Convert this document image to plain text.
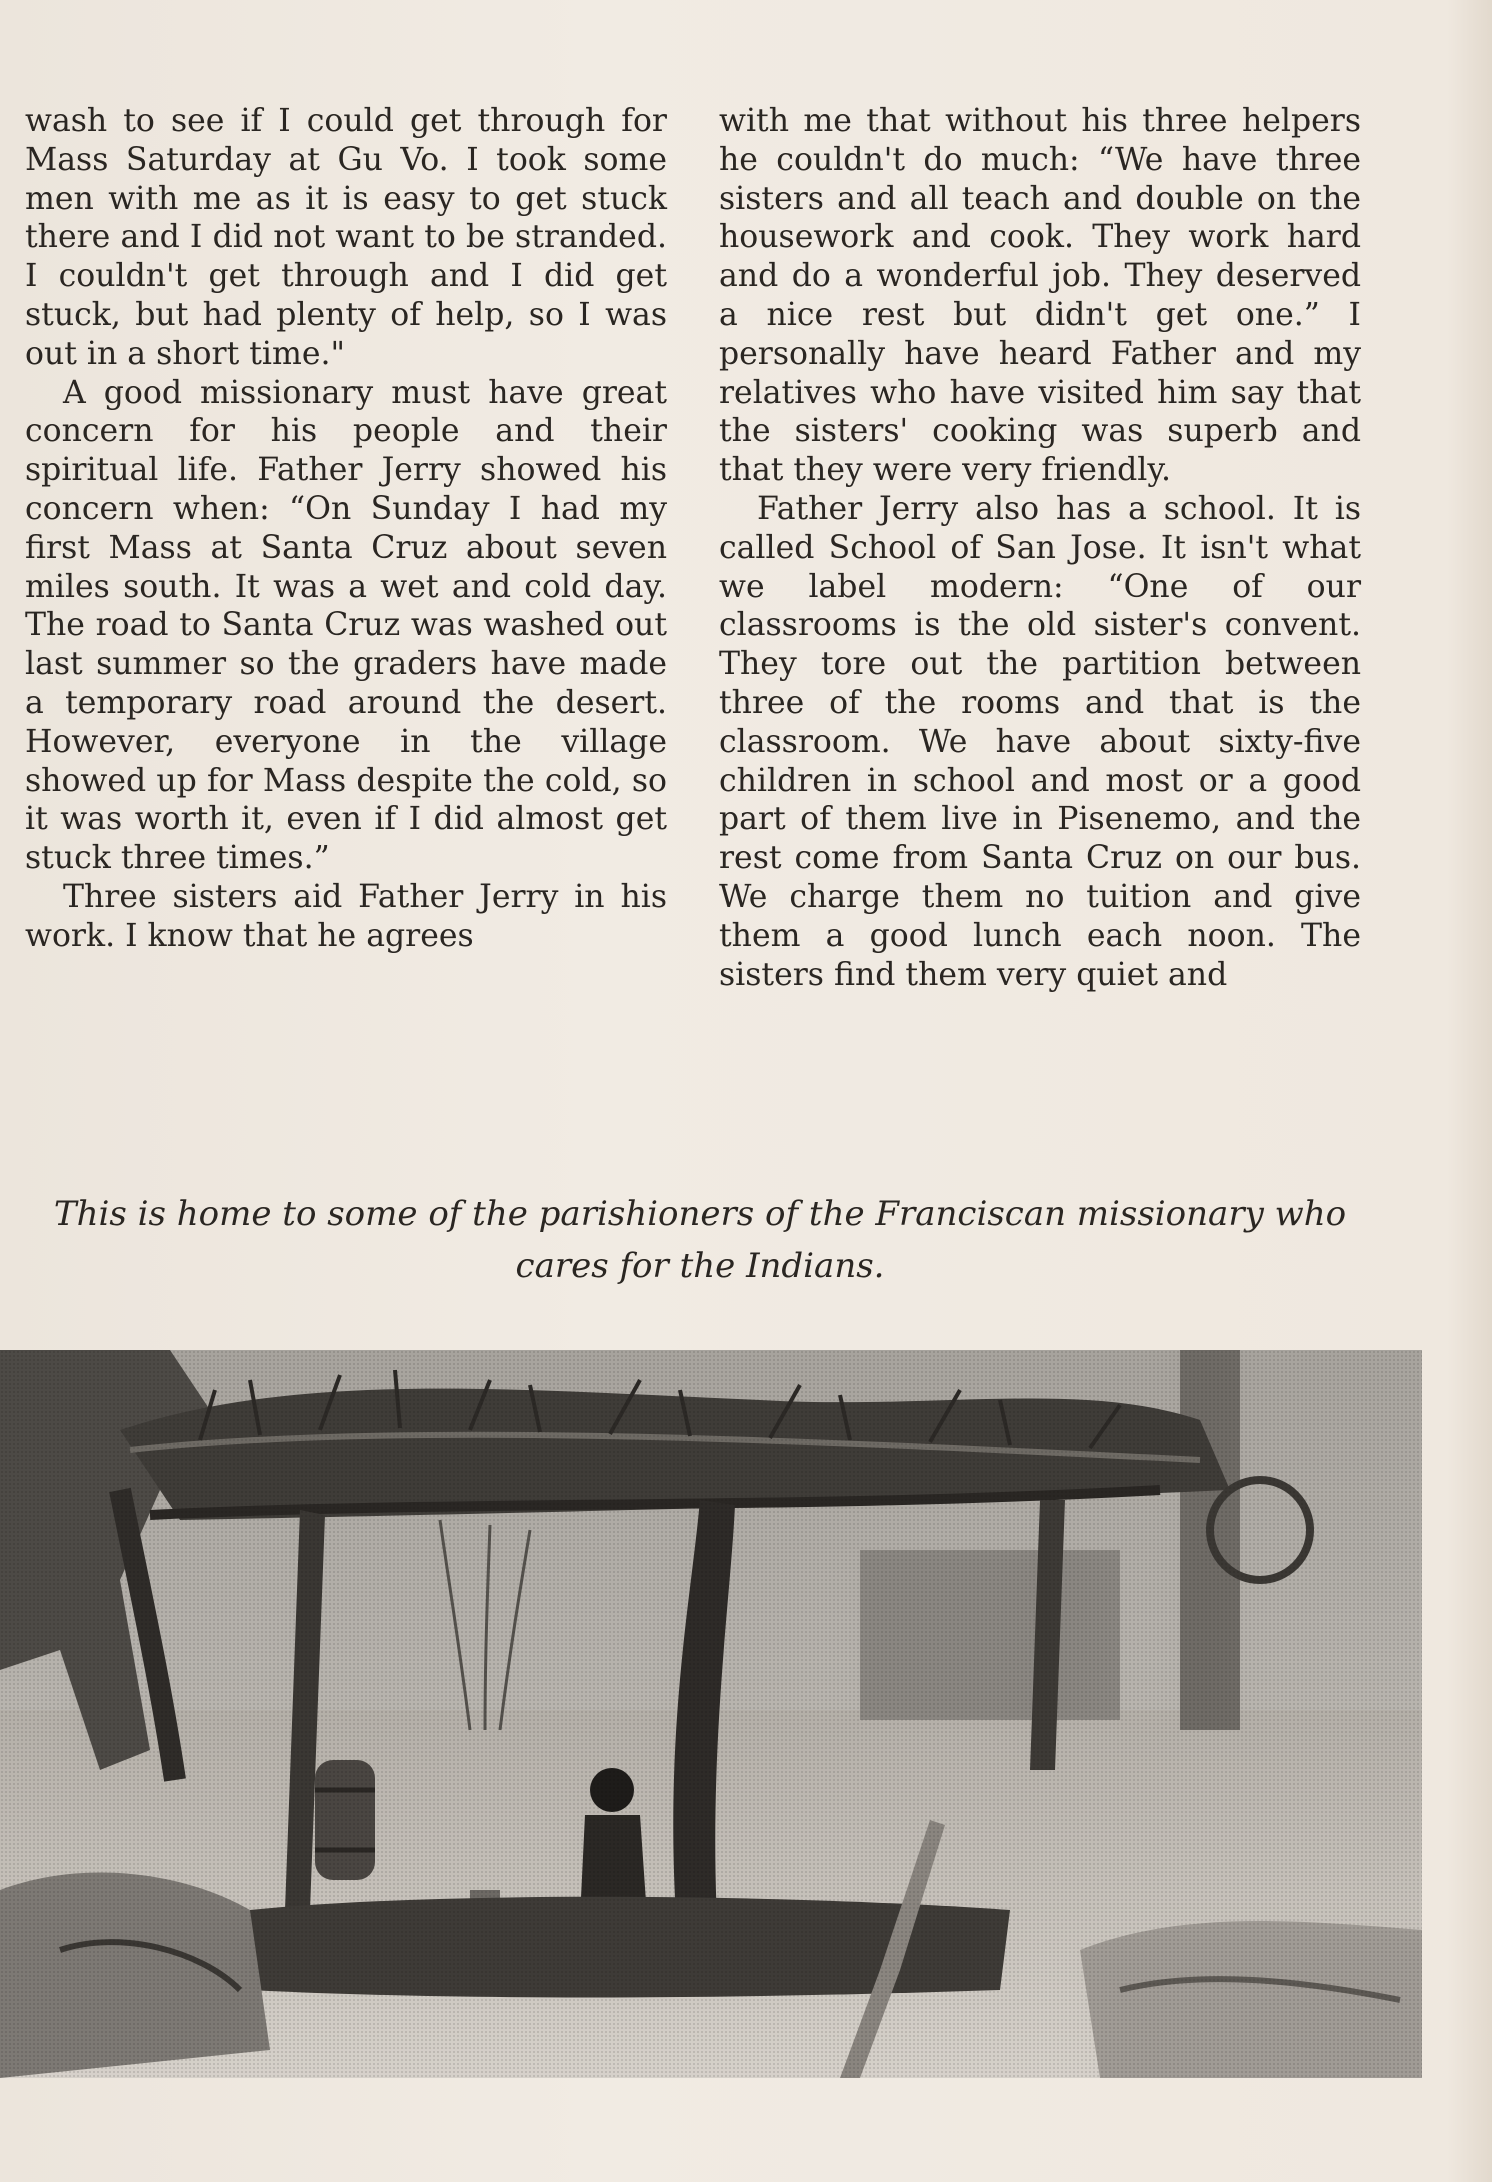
wash to see if I could get through for Mass Saturday at Gu Vo. I took some men with me as it is easy to get stuck there and I did not want to be stranded. I couldn't get through and I did get stuck, but had plenty of help, so I was out in a short time."

A good missionary must have great concern for his people and their spiritual life. Father Jerry showed his concern when: “On Sunday I had my first Mass at Santa Cruz about seven miles south. It was a wet and cold day. The road to Santa Cruz was washed out last summer so the graders have made a temporary road around the desert. However, everyone in the village showed up for Mass despite the cold, so it was worth it, even if I did almost get stuck three times.”

Three sisters aid Father Jerry in his work. I know that he agrees

with me that without his three helpers he couldn't do much: “We have three sisters and all teach and double on the housework and cook. They work hard and do a wonderful job. They deserved a nice rest but didn't get one.” I personally have heard Father and my relatives who have visited him say that the sisters' cooking was superb and that they were very friendly.

Father Jerry also has a school. It is called School of San Jose. It isn't what we label modern: “One of our classrooms is the old sister's convent. They tore out the partition between three of the rooms and that is the classroom. We have about sixty-five children in school and most or a good part of them live in Pisenemo, and the rest come from Santa Cruz on our bus. We charge them no tuition and give them a good lunch each noon. The sisters find them very quiet and

This is home to some of the parishioners of the Franciscan missionary who cares for the Indians.
